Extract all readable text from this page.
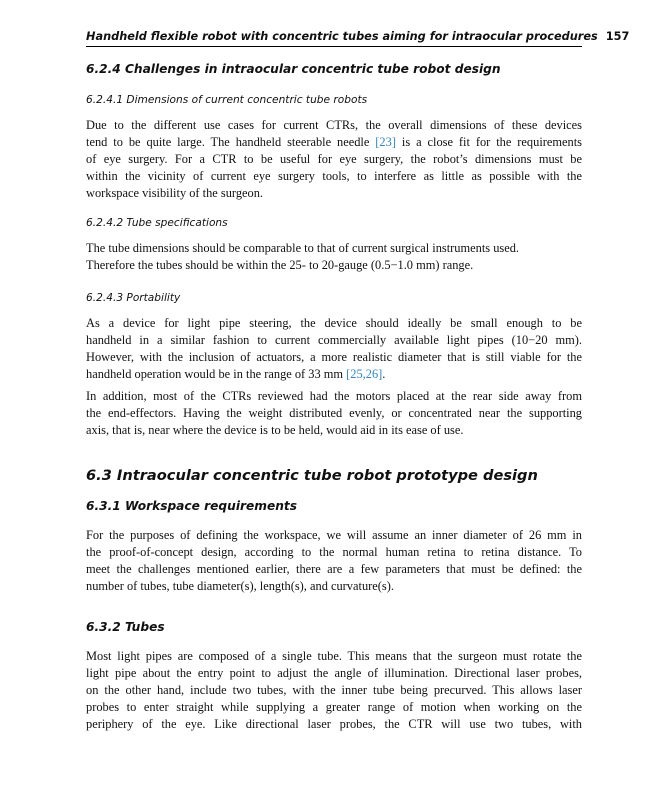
Handheld flexible robot with concentric tubes aiming for intraocular procedures 157
6.2.4 Challenges in intraocular concentric tube robot design
6.2.4.1 Dimensions of current concentric tube robots
Due to the different use cases for current CTRs, the overall dimensions of these devices
tend to be quite large. The handheld steerable needle [23] is a close fit for the requirements
of eye surgery. For a CTR to be useful for eye surgery, the robot’s dimensions must be
within the vicinity of current eye surgery tools, to interfere as little as possible with the
workspace visibility of the surgeon.
6.2.4.2 Tube specifications
The tube dimensions should be comparable to that of current surgical instruments used.
Therefore the tubes should be within the 25- to 20-gauge (0.5−1.0 mm) range.
6.2.4.3 Portability
As a device for light pipe steering, the device should ideally be small enough to be
handheld in a similar fashion to current commercially available light pipes (10−20 mm).
However, with the inclusion of actuators, a more realistic diameter that is still viable for the
handheld operation would be in the range of 33 mm [25,26].
In addition, most of the CTRs reviewed had the motors placed at the rear side away from
the end-effectors. Having the weight distributed evenly, or concentrated near the supporting
axis, that is, near where the device is to be held, would aid in its ease of use.
6.3 Intraocular concentric tube robot prototype design
6.3.1 Workspace requirements
For the purposes of defining the workspace, we will assume an inner diameter of 26 mm in
the proof-of-concept design, according to the normal human retina to retina distance. To
meet the challenges mentioned earlier, there are a few parameters that must be defined: the
number of tubes, tube diameter(s), length(s), and curvature(s).
6.3.2 Tubes
Most light pipes are composed of a single tube. This means that the surgeon must rotate the
light pipe about the entry point to adjust the angle of illumination. Directional laser probes,
on the other hand, include two tubes, with the inner tube being precurved. This allows laser
probes to enter straight while supplying a greater range of motion when working on the
periphery of the eye. Like directional laser probes, the CTR will use two tubes, with
